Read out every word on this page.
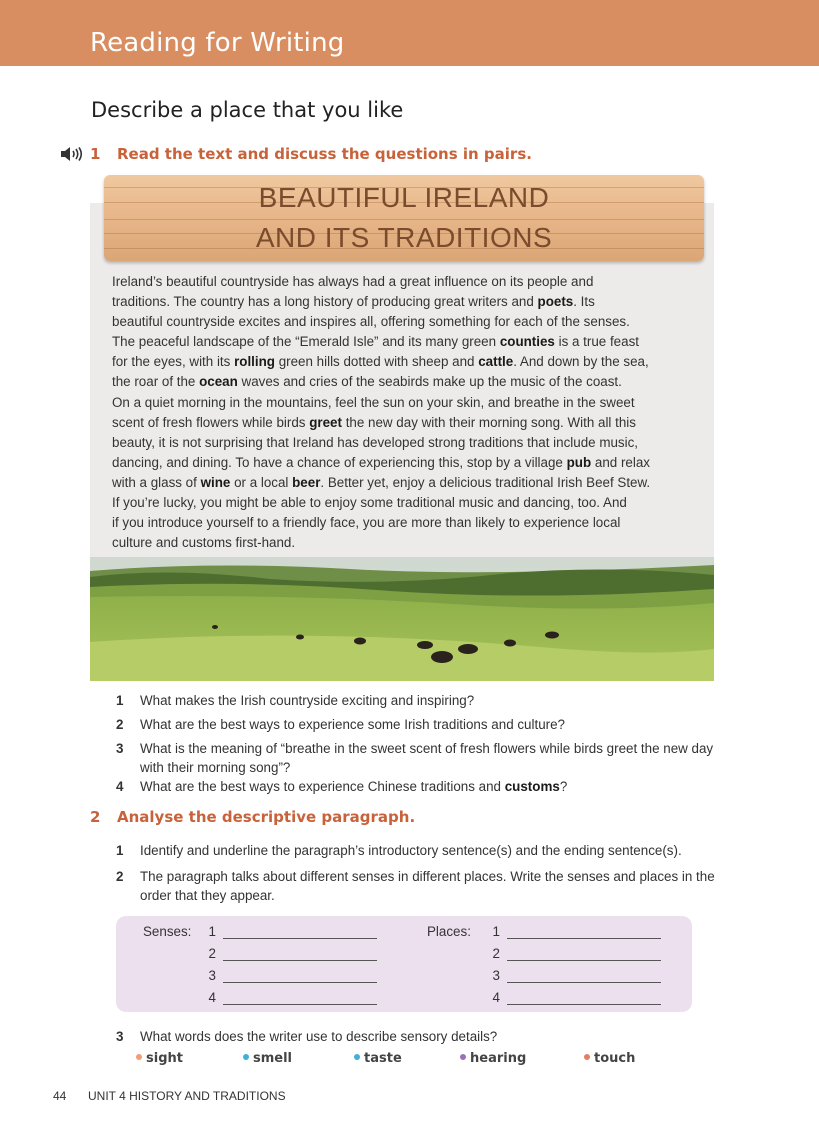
Reading for Writing
Describe a place that you like
1 Read the text and discuss the questions in pairs.
BEAUTIFUL IRELAND
AND ITS TRADITIONS
Ireland’s beautiful countryside has always had a great influence on its people and
traditions. The country has a long history of producing great writers and poets. Its
beautiful countryside excites and inspires all, offering something for each of the senses.
The peaceful landscape of the “Emerald Isle” and its many green counties is a true feast
for the eyes, with its rolling green hills dotted with sheep and cattle. And down by the sea,
the roar of the ocean waves and cries of the seabirds make up the music of the coast.
On a quiet morning in the mountains, feel the sun on your skin, and breathe in the sweet
scent of fresh flowers while birds greet the new day with their morning song. With all this
beauty, it is not surprising that Ireland has developed strong traditions that include music,
dancing, and dining. To have a chance of experiencing this, stop by a village pub and relax
with a glass of wine or a local beer. Better yet, enjoy a delicious traditional Irish Beef Stew.
If you’re lucky, you might be able to enjoy some traditional music and dancing, too. And
if you introduce yourself to a friendly face, you are more than likely to experience local
culture and customs first-hand.
1 What makes the Irish countryside exciting and inspiring?
2 What are the best ways to experience some Irish traditions and culture?
3 What is the meaning of “breathe in the sweet scent of fresh flowers while birds greet the new day with their morning song”?
4 What are the best ways to experience Chinese traditions and customs?
2 Analyse the descriptive paragraph.
1 Identify and underline the paragraph’s introductory sentence(s) and the ending sentence(s).
2 The paragraph talks about different senses in different places. Write the senses and places in the order that they appear.
Senses:	Places:
1	1
2	2
3	3
4	4
3 What words does the writer use to describe sensory details?
sight	smell	taste	hearing	touch
44 UNIT 4 HISTORY AND TRADITIONS
